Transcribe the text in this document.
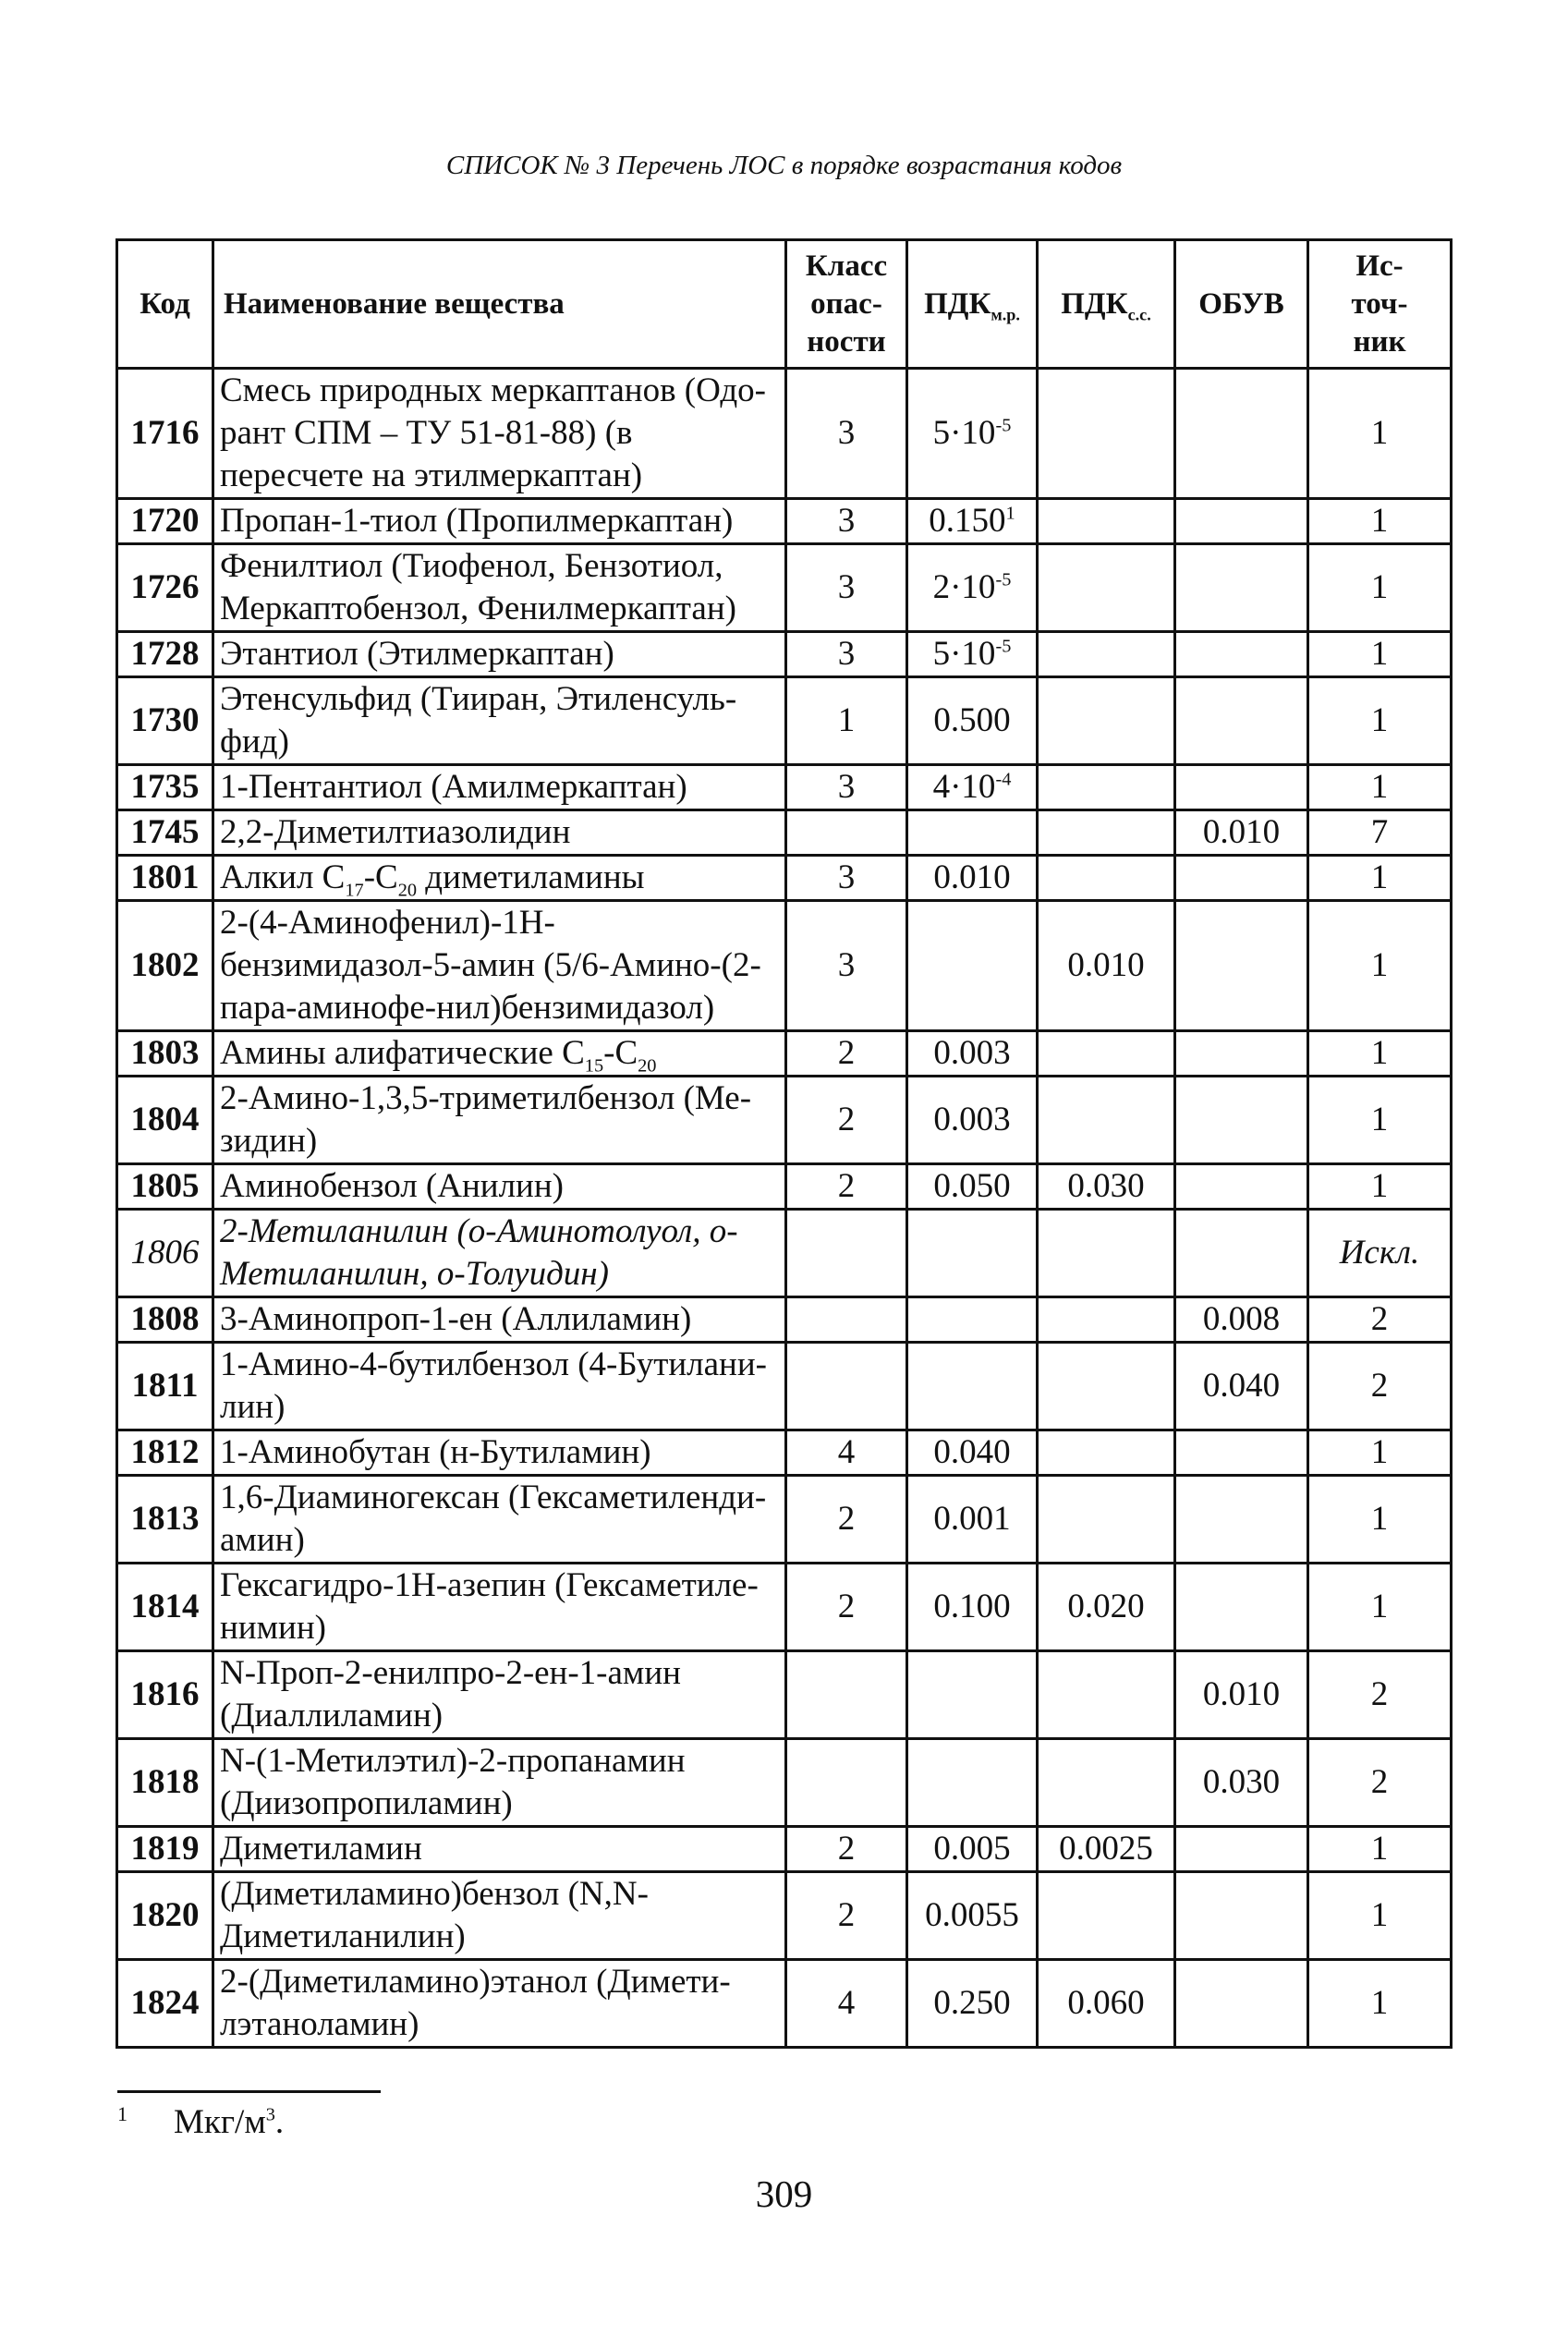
СПИСОК № 3 Перечень ЛОС в порядке возрастания кодов
Код	Наименование вещества	Класс
опас-
ности	$ПДК_{м.р.}$	$ПДК_{с.с.}$	ОБУВ	Ис-
точ-
ник
1716	Смесь природных меркаптанов (Одо-рант СПМ – ТУ 51-81-88) (в пересчете на этилмеркаптан)	3	$5\cdot 10^{-5}$			1
1720	Пропан-1-тиол (Пропилмеркаптан)	3	0.150$^1$			1
1726	Фенилтиол (Тиофенол, Бензотиол, Меркаптобензол, Фенилмеркаптан)	3	$2\cdot 10^{-5}$			1
1728	Этантиол (Этилмеркаптан)	3	$5\cdot 10^{-5}$			1
1730	Этенсульфид (Тииран, Этиленсуль-фид)	1	0.500			1
1735	1-Пентантиол (Амилмеркаптан)	3	$4\cdot 10^{-4}$			1
1745	2,2-Диметилтиазолидин				0.010	7
1801	Алкил $С_{17}-С_{20}$ диметиламины	3	0.010			1
1802	2-(4-Аминофенил)-1Н-бензимидазол-5-амин (5/6-Амино-(2-пара-аминофе-нил)бензимидазол)	3		0.010		1
1803	Амины алифатические $С_{15}-С_{20}$	2	0.003			1
1804	2-Амино-1,3,5-триметилбензол (Ме-зидин)	2	0.003			1
1805	Аминобензол (Анилин)	2	0.050	0.030		1
1806	2-Метиланилин (о-Аминотолуол, о-Метиланилин, о-Толуидин)					Искл.
1808	3-Аминопроп-1-ен (Аллиламин)				0.008	2
1811	1-Амино-4-бутилбензол (4-Бутилани-лин)				0.040	2
1812	1-Аминобутан (н-Бутиламин)	4	0.040			1
1813	1,6-Диаминогексан (Гексаметиленди-амин)	2	0.001			1
1814	Гексагидро-1Н-азепин (Гексаметиле-нимин)	2	0.100	0.020		1
1816	N-Проп-2-енилпро-2-ен-1-амин (Диаллиламин)				0.010	2
1818	N-(1-Метилэтил)-2-пропанамин (Диизопропиламин)				0.030	2
1819	Диметиламин	2	0.005	0.0025		1
1820	(Диметиламино)бензол (N,N-Диметиланилин)	2	0.0055			1
1824	2-(Диметиламино)этанол (Димети-лэтаноламин)	4	0.250	0.060		1
$^1$ Мкг/$м^3$.
309
